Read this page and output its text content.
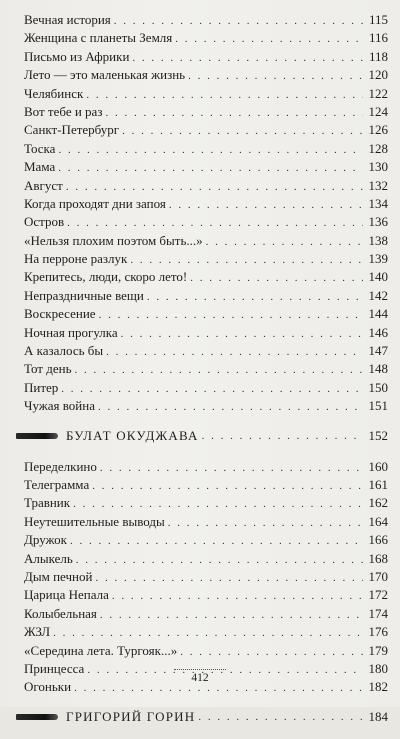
Вечная история . . .	115
Женщина с планеты Земля . . .	116
Письмо из Африки . . .	118
Лето — это маленькая жизнь . . .	120
Челябинск . . .	122
Вот тебе и раз . . .	124
Санкт-Петербург . . .	126
Тоска . . .	128
Мама . . .	130
Август . . .	132
Когда проходят дни запоя . . .	134
Остров . . .	136
«Нельзя плохим поэтом быть...» . . .	138
На перроне разлук . . .	139
Крепитесь, люди, скоро лето! . . .	140
Непраздничные вещи . . .	142
Воскресение . . .	144
Ночная прогулка . . .	146
А казалось бы . . .	147
Тот день . . .	148
Питер . . .	150
Чужая война . . .	151
БУЛАТ ОКУДЖАВА . . .	152
Переделкино . . .	160
Телеграмма . . .	161
Травник . . .	162
Неутешительные выводы . . .	164
Дружок . . .	166
Алыкель . . .	168
Дым печной . . .	170
Царица Непала . . .	172
Колыбельная . . .	174
ЖЗЛ . . .	176
«Середина лета. Тургояк...» . . .	179
Принцесса . . .	180
Огоньки . . .	182
ГРИГОРИЙ ГОРИН . . .	184
412
